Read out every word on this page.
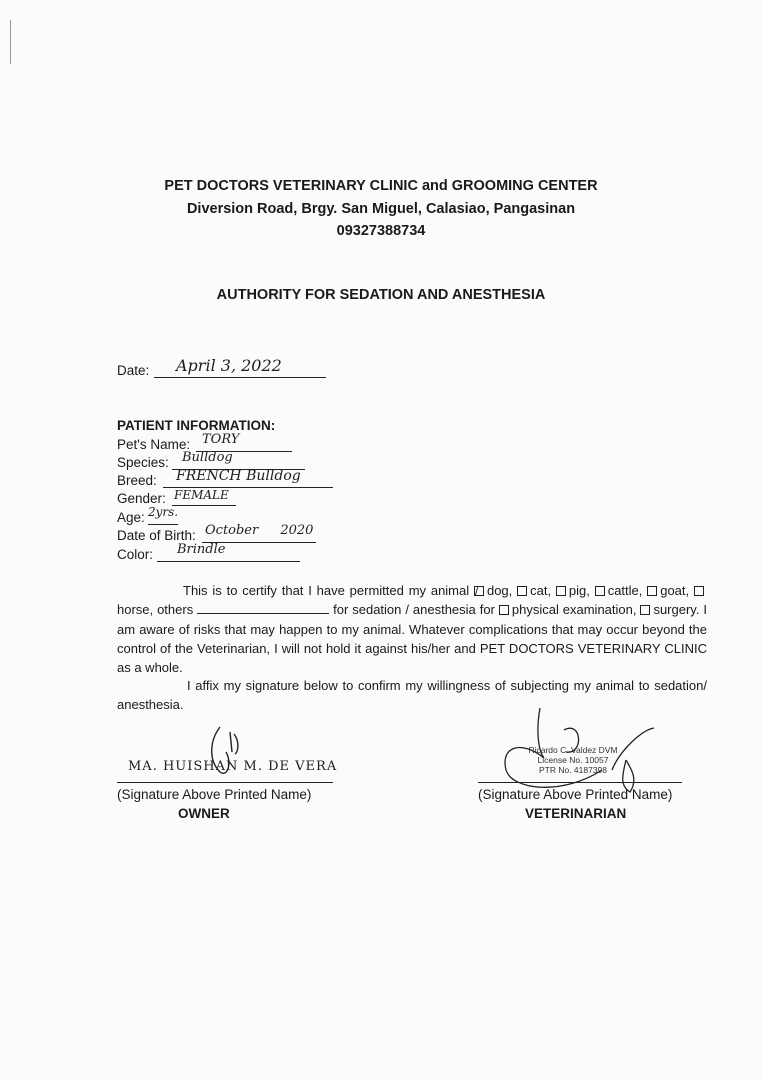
PET DOCTORS VETERINARY CLINIC and GROOMING CENTER
Diversion Road, Brgy. San Miguel, Calasiao, Pangasinan
09327388734
AUTHORITY FOR SEDATION AND ANESTHESIA
Date: April 3, 2022
PATIENT INFORMATION:
Pet's Name: TORY
Species: Bulldog
Breed: FRENCH Bulldog
Gender: FEMALE
Age: 2yrs.
Date of Birth: October 2020
Color: Brindle
This is to certify that I have permitted my animal / dog, cat, pig, cattle, goat, horse, others	for sedation / anesthesia for physical examination, surgery. I am aware of risks that may happen to my animal. Whatever complications that may occur beyond the control of the Veterinarian, I will not hold it against his/her and PET DOCTORS VETERINARY CLINIC as a whole.
I affix my signature below to confirm my willingness of subjecting my animal to sedation/ anesthesia.
MA. HUISHAN M. DE VERA
(Signature Above Printed Name)
OWNER
Ricardo C. Valdez DVM
License No. 10057
PTR No. 4187398
(Signature Above Printed Name)
VETERINARIAN
